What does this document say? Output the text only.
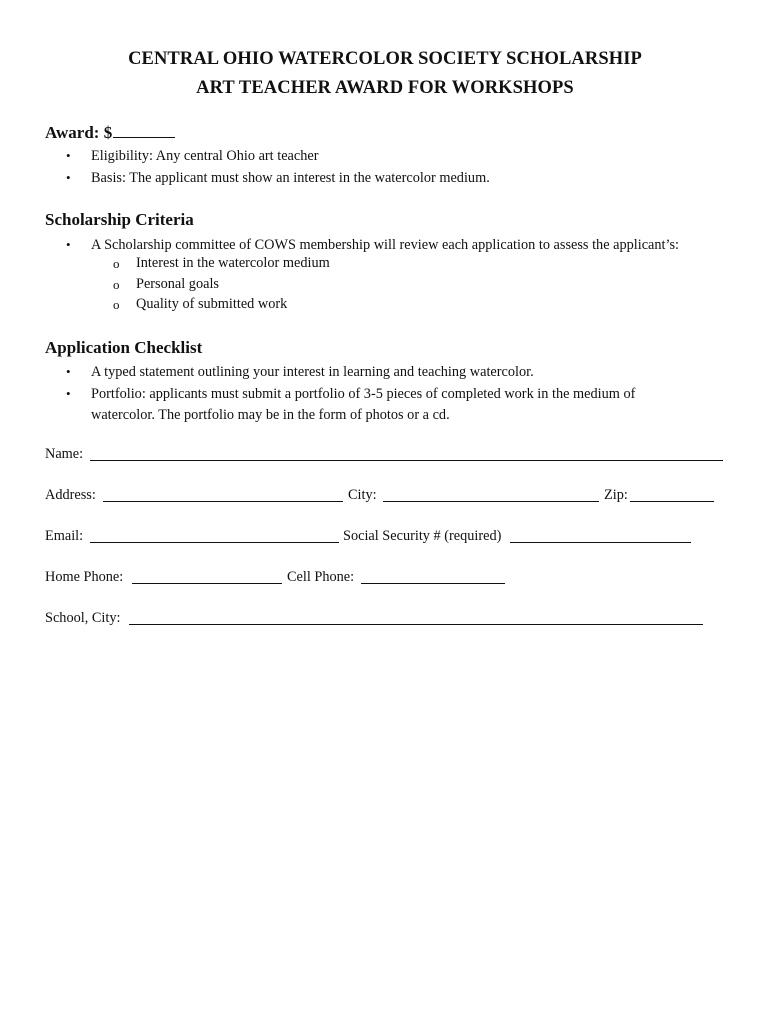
CENTRAL OHIO WATERCOLOR SOCIETY SCHOLARSHIP
ART TEACHER AWARD FOR WORKSHOPS
Award: $
• Eligibility: Any central Ohio art teacher
• Basis: The applicant must show an interest in the watercolor medium.
Scholarship Criteria
• A Scholarship committee of COWS membership will review each application to assess the applicant’s:
o Interest in the watercolor medium
o Personal goals
o Quality of submitted work
Application Checklist
• A typed statement outlining your interest in learning and teaching watercolor.
• Portfolio: applicants must submit a portfolio of 3-5 pieces of completed work in the medium of
watercolor. The portfolio may be in the form of photos or a cd.
Name:
Address:	City:	Zip:
Email:	Social Security # (required)
Home Phone:	Cell Phone:
School, City:
